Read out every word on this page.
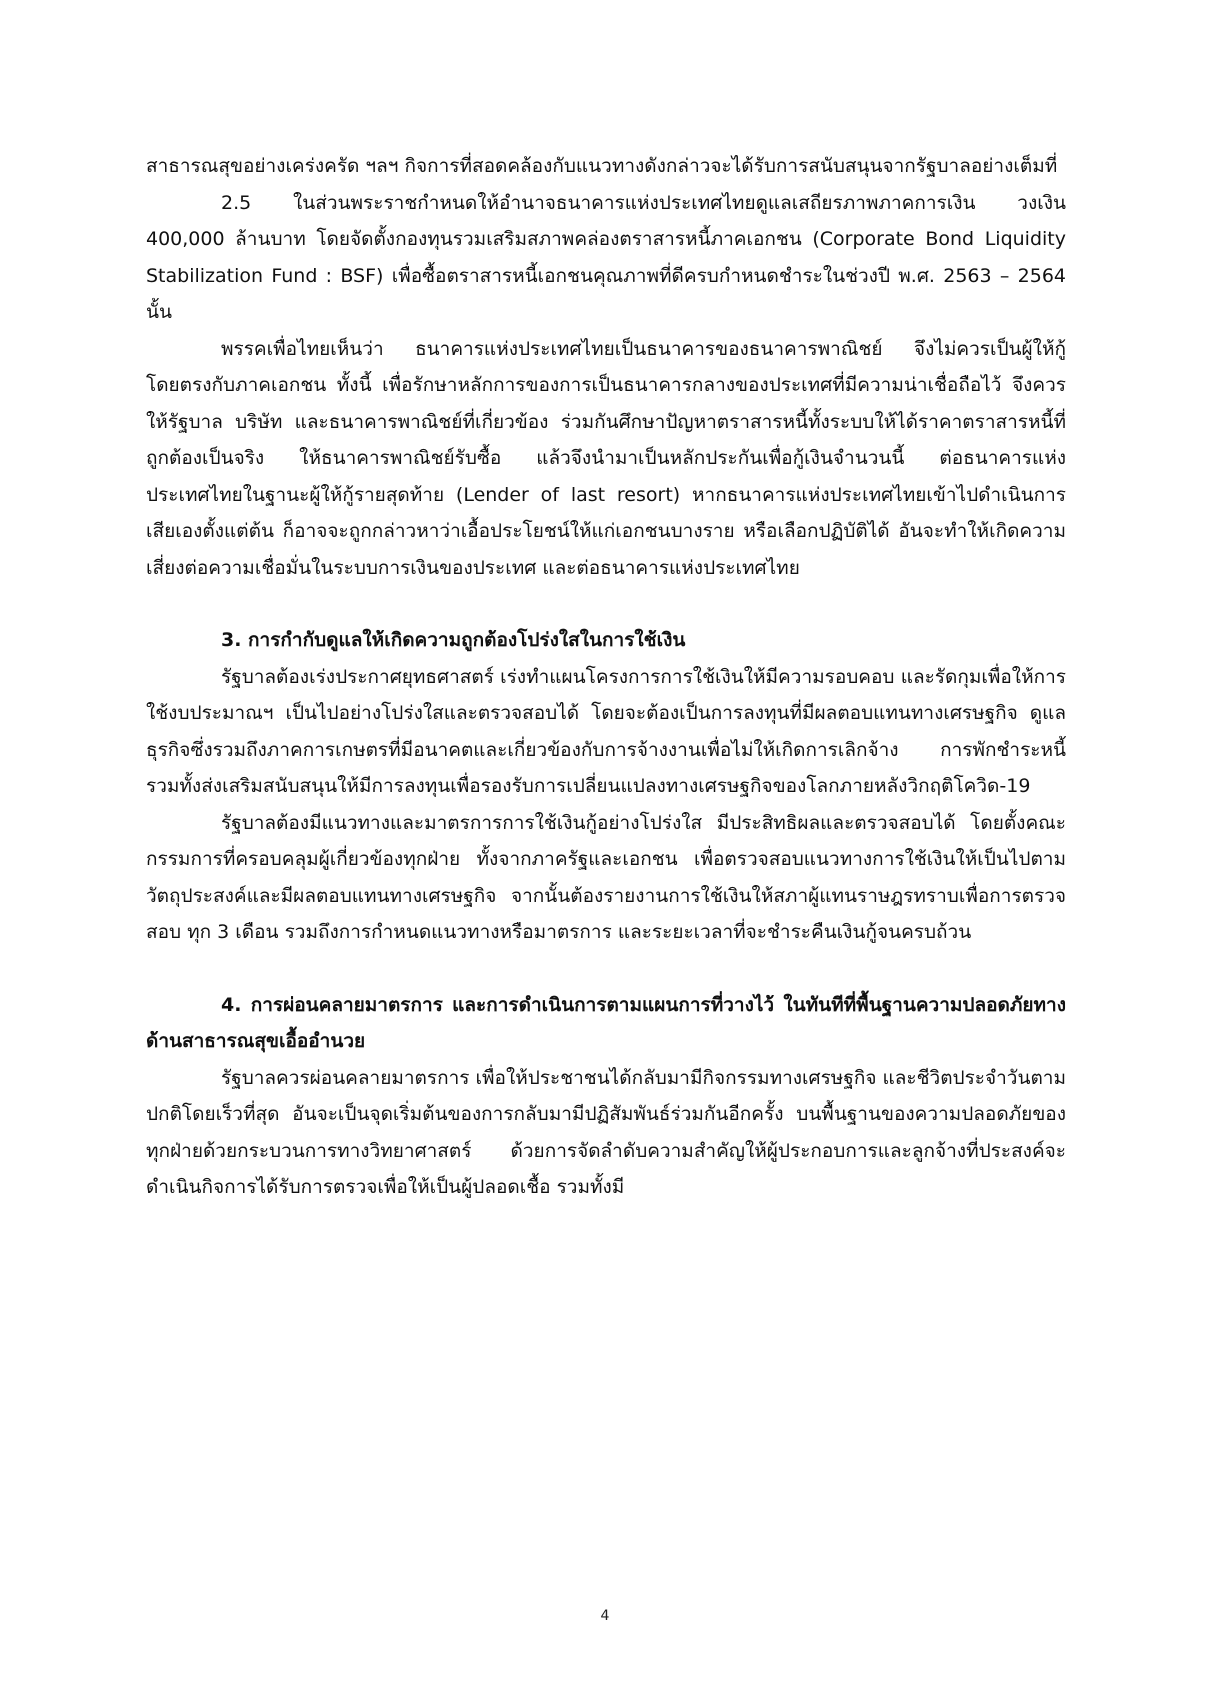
สาธารณสุขอย่างเคร่งครัด ฯลฯ กิจการที่สอดคล้องกับแนวทางดังกล่าวจะได้รับการสนับสนุนจากรัฐบาลอย่างเต็มที่

2.5 ในส่วนพระราชกำหนดให้อำนาจธนาคารแห่งประเทศไทยดูแลเสถียรภาพภาคการเงิน วงเงิน 400,000 ล้านบาท โดยจัดตั้งกองทุนรวมเสริมสภาพคล่องตราสารหนี้ภาคเอกชน (Corporate Bond Liquidity Stabilization Fund : BSF) เพื่อซื้อตราสารหนี้เอกชนคุณภาพที่ดีครบกำหนดชำระในช่วงปี พ.ศ. 2563 – 2564 นั้น

พรรคเพื่อไทยเห็นว่า ธนาคารแห่งประเทศไทยเป็นธนาคารของธนาคารพาณิชย์ จึงไม่ควรเป็นผู้ให้กู้โดยตรงกับภาคเอกชน ทั้งนี้ เพื่อรักษาหลักการของการเป็นธนาคารกลางของประเทศที่มีความน่าเชื่อถือไว้ จึงควรให้รัฐบาล บริษัท และธนาคารพาณิชย์ที่เกี่ยวข้อง ร่วมกันศึกษาปัญหาตราสารหนี้ทั้งระบบให้ได้ราคาตราสารหนี้ที่ถูกต้องเป็นจริง ให้ธนาคารพาณิชย์รับซื้อ แล้วจึงนำมาเป็นหลักประกันเพื่อกู้เงินจำนวนนี้ ต่อธนาคารแห่งประเทศไทยในฐานะผู้ให้กู้รายสุดท้าย (Lender of last resort) หากธนาคารแห่งประเทศไทยเข้าไปดำเนินการเสียเองตั้งแต่ต้น ก็อาจจะถูกกล่าวหาว่าเอื้อประโยชน์ให้แก่เอกชนบางราย หรือเลือกปฏิบัติได้ อันจะทำให้เกิดความเสี่ยงต่อความเชื่อมั่นในระบบการเงินของประเทศ และต่อธนาคารแห่งประเทศไทย

3. การกำกับดูแลให้เกิดความถูกต้องโปร่งใสในการใช้เงิน

รัฐบาลต้องเร่งประกาศยุทธศาสตร์ เร่งทำแผนโครงการการใช้เงินให้มีความรอบคอบ และรัดกุมเพื่อให้การใช้งบประมาณฯ เป็นไปอย่างโปร่งใสและตรวจสอบได้ โดยจะต้องเป็นการลงทุนที่มีผลตอบแทนทางเศรษฐกิจ ดูแลธุรกิจซึ่งรวมถึงภาคการเกษตรที่มีอนาคตและเกี่ยวข้องกับการจ้างงานเพื่อไม่ให้เกิดการเลิกจ้าง การพักชำระหนี้ รวมทั้งส่งเสริมสนับสนุนให้มีการลงทุนเพื่อรองรับการเปลี่ยนแปลงทางเศรษฐกิจของโลกภายหลังวิกฤติโควิด-19

รัฐบาลต้องมีแนวทางและมาตรการการใช้เงินกู้อย่างโปร่งใส มีประสิทธิผลและตรวจสอบได้ โดยตั้งคณะกรรมการที่ครอบคลุมผู้เกี่ยวข้องทุกฝ่าย ทั้งจากภาครัฐและเอกชน เพื่อตรวจสอบแนวทางการใช้เงินให้เป็นไปตามวัตถุประสงค์และมีผลตอบแทนทางเศรษฐกิจ จากนั้นต้องรายงานการใช้เงินให้สภาผู้แทนราษฎรทราบเพื่อการตรวจสอบ ทุก 3 เดือน รวมถึงการกำหนดแนวทางหรือมาตรการ และระยะเวลาที่จะชำระคืนเงินกู้จนครบถ้วน

4. การผ่อนคลายมาตรการ และการดำเนินการตามแผนการที่วางไว้ ในทันทีที่พื้นฐานความปลอดภัยทางด้านสาธารณสุขเอื้ออำนวย

รัฐบาลควรผ่อนคลายมาตรการ เพื่อให้ประชาชนได้กลับมามีกิจกรรมทางเศรษฐกิจ และชีวิตประจำวันตามปกติโดยเร็วที่สุด อันจะเป็นจุดเริ่มต้นของการกลับมามีปฏิสัมพันธ์ร่วมกันอีกครั้ง บนพื้นฐานของความปลอดภัยของทุกฝ่ายด้วยกระบวนการทางวิทยาศาสตร์ ด้วยการจัดลำดับความสำคัญให้ผู้ประกอบการและลูกจ้างที่ประสงค์จะดำเนินกิจการได้รับการตรวจเพื่อให้เป็นผู้ปลอดเชื้อ รวมทั้งมี

4
